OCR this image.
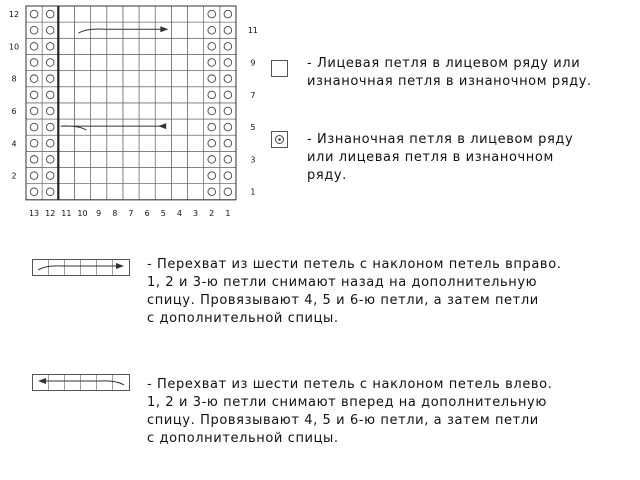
2
4
6
8
10
12
1
3
5
7
9
11
13 12 11 10 9 8 7 6 5 4 3 2 1
- Лицевая петля в лицевом ряду или
изнаночная петля в изнаночном ряду.
- Изнаночная петля в лицевом ряду
или лицевая петля в изнаночном
ряду.
- Перехват из шести петель с наклоном петель вправо.
1, 2 и 3-ю петли снимают назад на дополнительную
спицу. Провязывают 4, 5 и 6-ю петли, а затем петли
с дополнительной спицы.
- Перехват из шести петель с наклоном петель влево.
1, 2 и 3-ю петли снимают вперед на дополнительную
спицу. Провязывают 4, 5 и 6-ю петли, а затем петли
с дополнительной спицы.
